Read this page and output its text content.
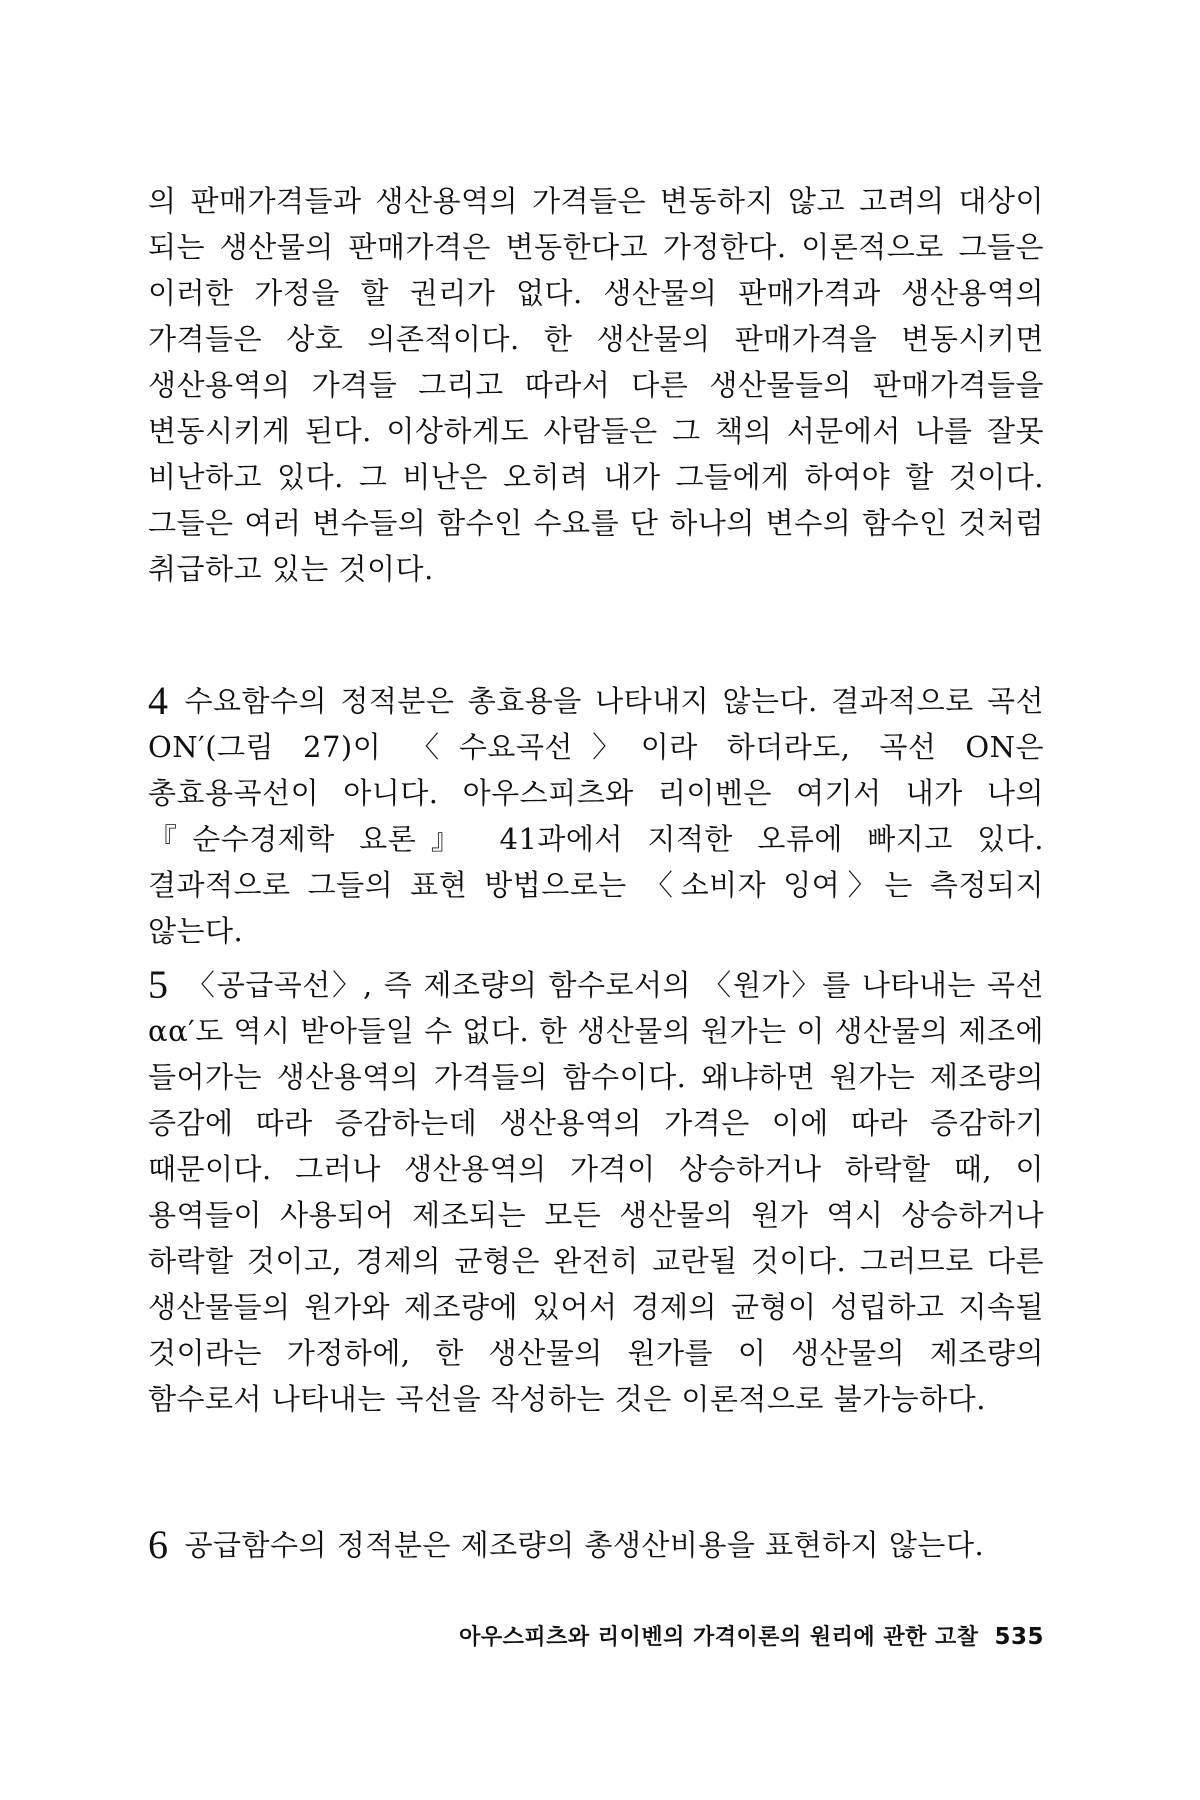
의 판매가격들과 생산용역의 가격들은 변동하지 않고 고려의 대상이 되는 생산물의 판매가격은 변동한다고 가정한다. 이론적으로 그들은 이러한 가정을 할 권리가 없다. 생산물의 판매가격과 생산용역의 가격들은 상호 의존적이다. 한 생산물의 판매가격을 변동시키면 생산용역의 가격들 그리고 따라서 다른 생산물들의 판매가격들을 변동시키게 된다. 이상하게도 사람들은 그 책의 서문에서 나를 잘못 비난하고 있다. 그 비난은 오히려 내가 그들에게 하여야 할 것이다. 그들은 여러 변수들의 함수인 수요를 단 하나의 변수의 함수인 것처럼 취급하고 있는 것이다.

4 수요함수의 정적분은 총효용을 나타내지 않는다. 결과적으로 곡선 ON′(그림 27)이 〈수요곡선〉이라 하더라도, 곡선 ON은 총효용곡선이 아니다. 아우스피츠와 리이벤은 여기서 내가 나의 『순수경제학 요론』 41과에서 지적한 오류에 빠지고 있다. 결과적으로 그들의 표현 방법으로는 〈소비자 잉여〉는 측정되지 않는다.

5 〈공급곡선〉, 즉 제조량의 함수로서의 〈원가〉를 나타내는 곡선 αα′도 역시 받아들일 수 없다. 한 생산물의 원가는 이 생산물의 제조에 들어가는 생산용역의 가격들의 함수이다. 왜냐하면 원가는 제조량의 증감에 따라 증감하는데 생산용역의 가격은 이에 따라 증감하기 때문이다. 그러나 생산용역의 가격이 상승하거나 하락할 때, 이 용역들이 사용되어 제조되는 모든 생산물의 원가 역시 상승하거나 하락할 것이고, 경제의 균형은 완전히 교란될 것이다. 그러므로 다른 생산물들의 원가와 제조량에 있어서 경제의 균형이 성립하고 지속될 것이라는 가정하에, 한 생산물의 원가를 이 생산물의 제조량의 함수로서 나타내는 곡선을 작성하는 것은 이론적으로 불가능하다.

6 공급함수의 정적분은 제조량의 총생산비용을 표현하지 않는다.

아우스피츠와 리이벤의 가격이론의 원리에 관한 고찰 535
